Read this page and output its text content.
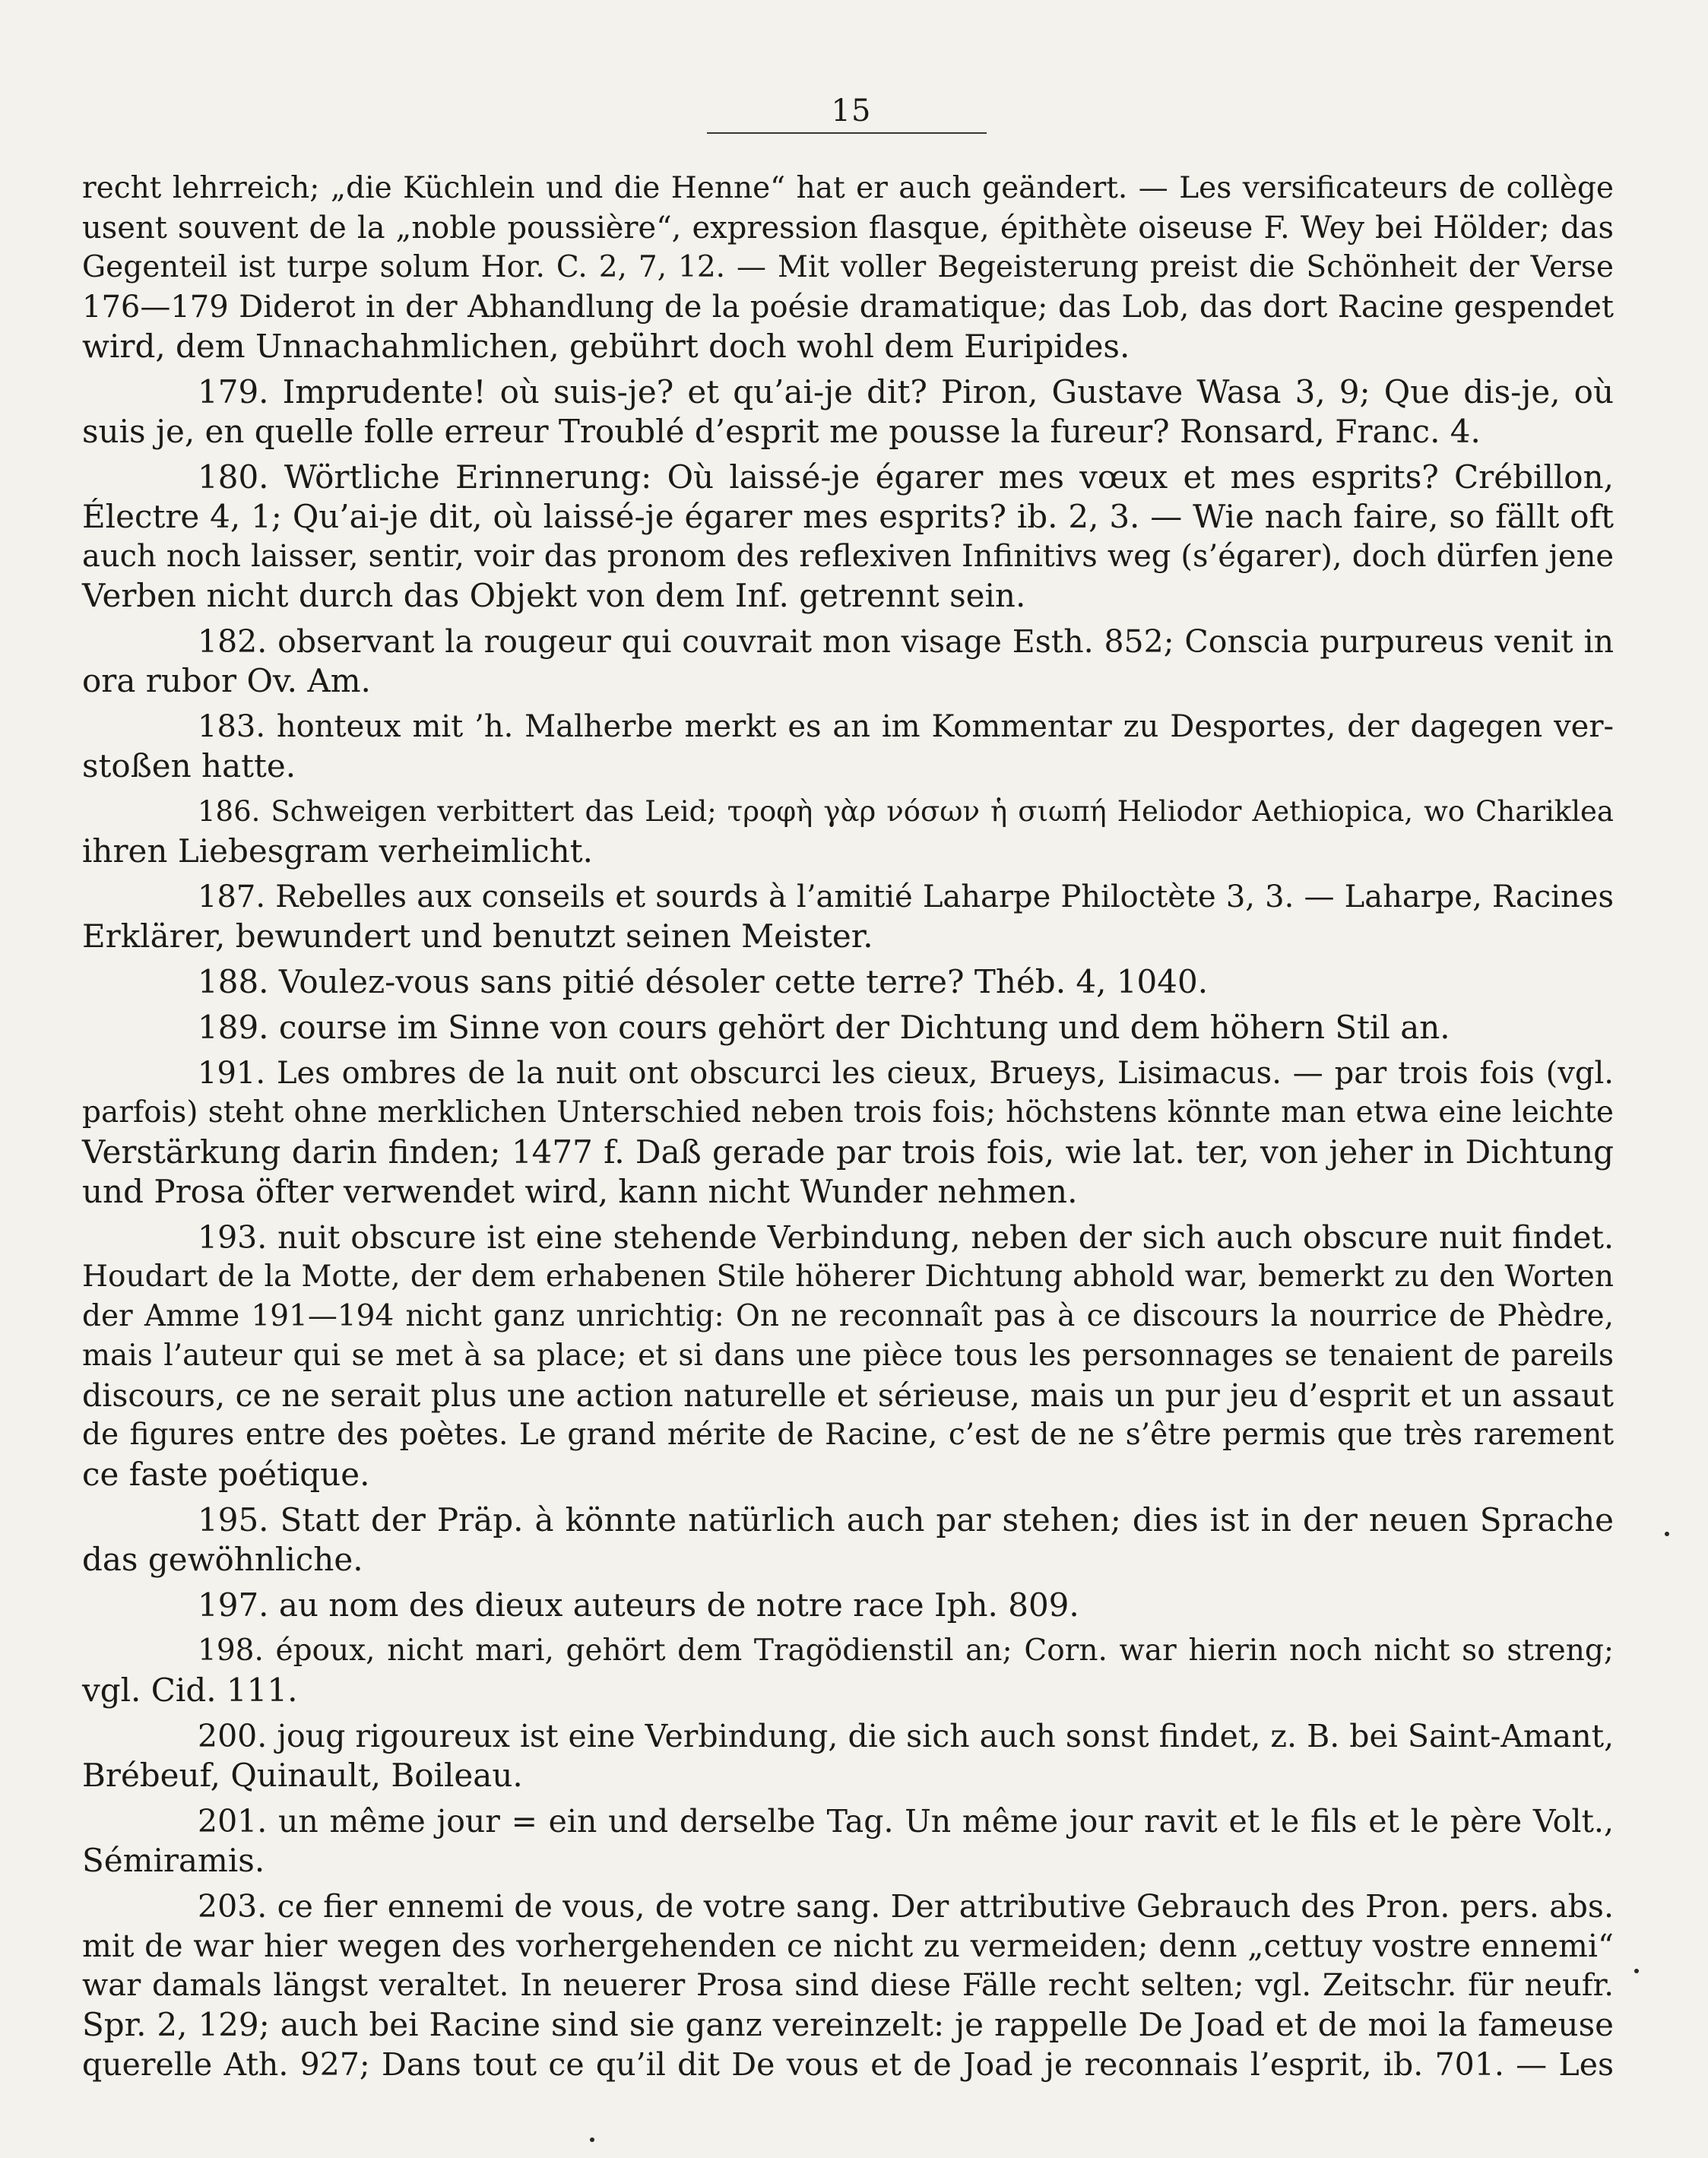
15
recht lehrreich; „die Küchlein und die Henne“ hat er auch geändert. — Les versificateurs de collège
usent souvent de la „noble poussière“, expression flasque, épithète oiseuse F. Wey bei Hölder; das
Gegenteil ist turpe solum Hor. C. 2, 7, 12. — Mit voller Begeisterung preist die Schönheit der Verse
176—179 Diderot in der Abhandlung de la poésie dramatique; das Lob, das dort Racine gespendet
wird, dem Unnachahmlichen, gebührt doch wohl dem Euripides.
179. Imprudente! où suis-je? et qu’ai-je dit? Piron, Gustave Wasa 3, 9; Que dis-je, où
suis je, en quelle folle erreur Troublé d’esprit me pousse la fureur? Ronsard, Franc. 4.
180. Wörtliche Erinnerung: Où laissé-je égarer mes vœux et mes esprits? Crébillon,
Électre 4, 1; Qu’ai-je dit, où laissé-je égarer mes esprits? ib. 2, 3. — Wie nach faire, so fällt oft
auch noch laisser, sentir, voir das pronom des reflexiven Infinitivs weg (s’égarer), doch dürfen jene
Verben nicht durch das Objekt von dem Inf. getrennt sein.
182. observant la rougeur qui couvrait mon visage Esth. 852; Conscia purpureus venit in
ora rubor Ov. Am.
183. honteux mit ’h. Malherbe merkt es an im Kommentar zu Desportes, der dagegen ver-
stoßen hatte.
186. Schweigen verbittert das Leid; τροφὴ γὰρ νόσων ἡ σιωπή Heliodor Aethiopica, wo Chariklea
ihren Liebesgram verheimlicht.
187. Rebelles aux conseils et sourds à l’amitié Laharpe Philoctète 3, 3. — Laharpe, Racines
Erklärer, bewundert und benutzt seinen Meister.
188. Voulez-vous sans pitié désoler cette terre? Théb. 4, 1040.
189. course im Sinne von cours gehört der Dichtung und dem höhern Stil an.
191. Les ombres de la nuit ont obscurci les cieux, Brueys, Lisimacus. — par trois fois (vgl.
parfois) steht ohne merklichen Unterschied neben trois fois; höchstens könnte man etwa eine leichte
Verstärkung darin finden; 1477 f. Daß gerade par trois fois, wie lat. ter, von jeher in Dichtung
und Prosa öfter verwendet wird, kann nicht Wunder nehmen.
193. nuit obscure ist eine stehende Verbindung, neben der sich auch obscure nuit findet.
Houdart de la Motte, der dem erhabenen Stile höherer Dichtung abhold war, bemerkt zu den Worten
der Amme 191—194 nicht ganz unrichtig: On ne reconnaît pas à ce discours la nourrice de Phèdre,
mais l’auteur qui se met à sa place; et si dans une pièce tous les personnages se tenaient de pareils
discours, ce ne serait plus une action naturelle et sérieuse, mais un pur jeu d’esprit et un assaut
de figures entre des poètes. Le grand mérite de Racine, c’est de ne s’être permis que très rarement
ce faste poétique.
195. Statt der Präp. à könnte natürlich auch par stehen; dies ist in der neuen Sprache
das gewöhnliche.
197. au nom des dieux auteurs de notre race Iph. 809.
198. époux, nicht mari, gehört dem Tragödienstil an; Corn. war hierin noch nicht so streng;
vgl. Cid. 111.
200. joug rigoureux ist eine Verbindung, die sich auch sonst findet, z. B. bei Saint-Amant,
Brébeuf, Quinault, Boileau.
201. un même jour = ein und derselbe Tag. Un même jour ravit et le fils et le père Volt.,
Sémiramis.
203. ce fier ennemi de vous, de votre sang. Der attributive Gebrauch des Pron. pers. abs.
mit de war hier wegen des vorhergehenden ce nicht zu vermeiden; denn „cettuy vostre ennemi“
war damals längst veraltet. In neuerer Prosa sind diese Fälle recht selten; vgl. Zeitschr. für neufr.
Spr. 2, 129; auch bei Racine sind sie ganz vereinzelt: je rappelle De Joad et de moi la fameuse
querelle Ath. 927; Dans tout ce qu’il dit De vous et de Joad je reconnais l’esprit, ib. 701. — Les
